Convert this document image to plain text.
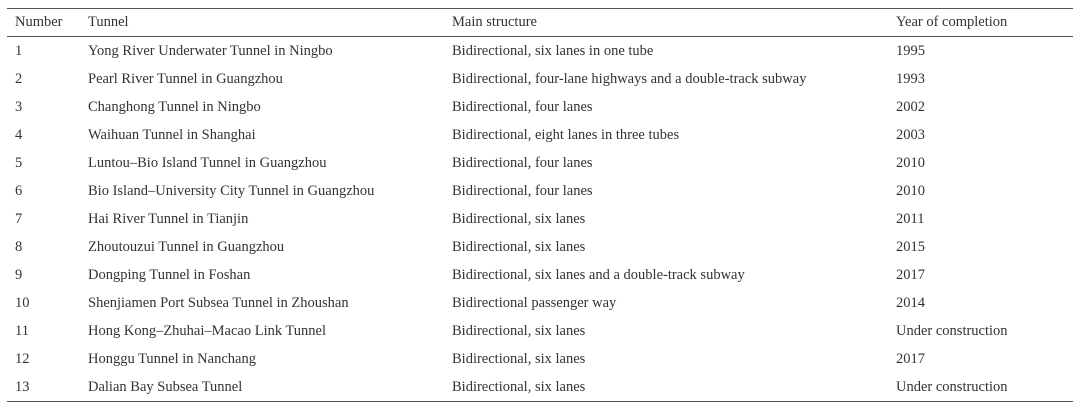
Number	Tunnel	Main structure	Year of completion
1	Yong River Underwater Tunnel in Ningbo	Bidirectional, six lanes in one tube	1995
2	Pearl River Tunnel in Guangzhou	Bidirectional, four-lane highways and a double-track subway	1993
3	Changhong Tunnel in Ningbo	Bidirectional, four lanes	2002
4	Waihuan Tunnel in Shanghai	Bidirectional, eight lanes in three tubes	2003
5	Luntou–Bio Island Tunnel in Guangzhou	Bidirectional, four lanes	2010
6	Bio Island–University City Tunnel in Guangzhou	Bidirectional, four lanes	2010
7	Hai River Tunnel in Tianjin	Bidirectional, six lanes	2011
8	Zhoutouzui Tunnel in Guangzhou	Bidirectional, six lanes	2015
9	Dongping Tunnel in Foshan	Bidirectional, six lanes and a double-track subway	2017
10	Shenjiamen Port Subsea Tunnel in Zhoushan	Bidirectional passenger way	2014
11	Hong Kong–Zhuhai–Macao Link Tunnel	Bidirectional, six lanes	Under construction
12	Honggu Tunnel in Nanchang	Bidirectional, six lanes	2017
13	Dalian Bay Subsea Tunnel	Bidirectional, six lanes	Under construction
